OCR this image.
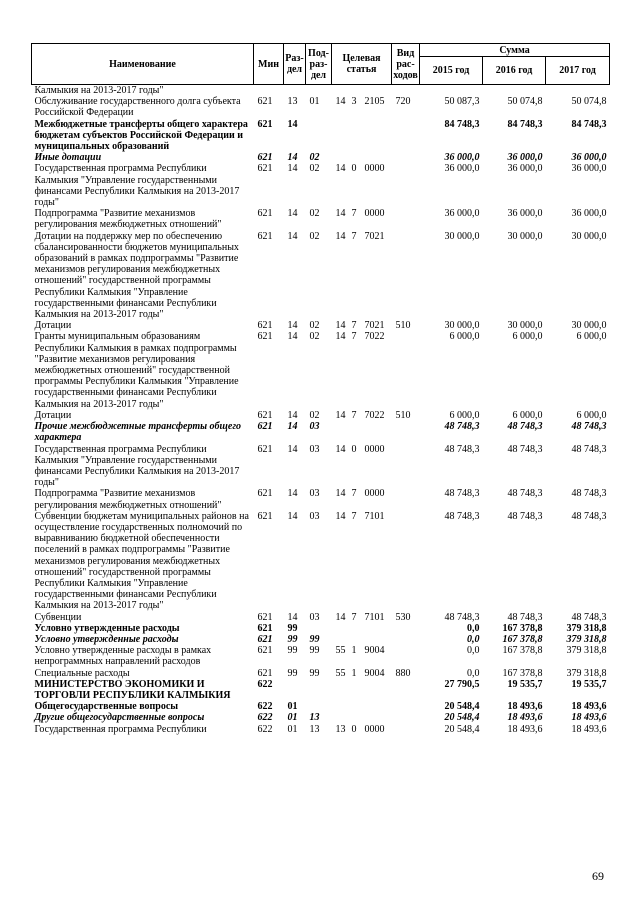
Наименование	Мин	Раз-дел	Под-раз-дел	Целевая статья			Вид рас-ходов	Сумма		
								2015 год	2016 год	2017 год
Калмыкия на 2013-2017 годы"										
Обслуживание государственного долга субъекта Российской Федерации	621	13	01	14	3	2105	720	50 087,3	50 074,8	50 074,8
Межбюджетные трансферты общего характера бюджетам субъектов Российской Федерации и муниципальных образований	621	14						84 748,3	84 748,3	84 748,3
Иные дотации	621	14	02					36 000,0	36 000,0	36 000,0
Государственная программа Республики Калмыкия "Управление государственными финансами Республики Калмыкия на 2013-2017 годы"	621	14	02	14	0	0000		36 000,0	36 000,0	36 000,0
Подпрограмма "Развитие механизмов регулирования межбюджетных отношений"	621	14	02	14	7	0000		36 000,0	36 000,0	36 000,0
Дотации на поддержку мер по обеспечению сбалансированности бюджетов муниципальных образований в рамках подпрограммы "Развитие механизмов регулирования межбюджетных отношений" государственной программы Республики Калмыкия "Управление государственными финансами Республики Калмыкия на 2013-2017 годы"	621	14	02	14	7	7021		30 000,0	30 000,0	30 000,0
Дотации	621	14	02	14	7	7021	510	30 000,0	30 000,0	30 000,0
Гранты муниципальным образованиям Республики Калмыкия в рамках подпрограммы "Развитие механизмов регулирования межбюджетных отношений" государственной программы Республики Калмыкия "Управление государственными финансами Республики Калмыкия на 2013-2017 годы"	621	14	02	14	7	7022		6 000,0	6 000,0	6 000,0
Дотации	621	14	02	14	7	7022	510	6 000,0	6 000,0	6 000,0
Прочие межбюджетные трансферты общего характера	621	14	03					48 748,3	48 748,3	48 748,3
Государственная программа Республики Калмыкия "Управление государственными финансами Республики Калмыкия на 2013-2017 годы"	621	14	03	14	0	0000		48 748,3	48 748,3	48 748,3
Подпрограмма "Развитие механизмов регулирования межбюджетных отношений"	621	14	03	14	7	0000		48 748,3	48 748,3	48 748,3
Субвенции бюджетам муниципальных районов на осуществление государственных полномочий по выравниванию бюджетной обеспеченности поселений в рамках подпрограммы "Развитие механизмов регулирования межбюджетных отношений" государственной программы Республики Калмыкия "Управление государственными финансами Республики Калмыкия на 2013-2017 годы"	621	14	03	14	7	7101		48 748,3	48 748,3	48 748,3
Субвенции	621	14	03	14	7	7101	530	48 748,3	48 748,3	48 748,3
Условно утвержденные расходы	621	99						0,0	167 378,8	379 318,8
Условно утвержденные расходы	621	99	99					0,0	167 378,8	379 318,8
Условно утвержденные расходы в рамках непрограммных направлений расходов	621	99	99	55	1	9004		0,0	167 378,8	379 318,8
Специальные расходы	621	99	99	55	1	9004	880	0,0	167 378,8	379 318,8
МИНИСТЕРСТВО ЭКОНОМИКИ И ТОРГОВЛИ РЕСПУБЛИКИ КАЛМЫКИЯ	622							27 790,5	19 535,7	19 535,7
Общегосударственные вопросы	622	01						20 548,4	18 493,6	18 493,6
Другие общегосударственные вопросы	622	01	13					20 548,4	18 493,6	18 493,6
Государственная программа Республики	622	01	13	13	0	0000		20 548,4	18 493,6	18 493,6
69
